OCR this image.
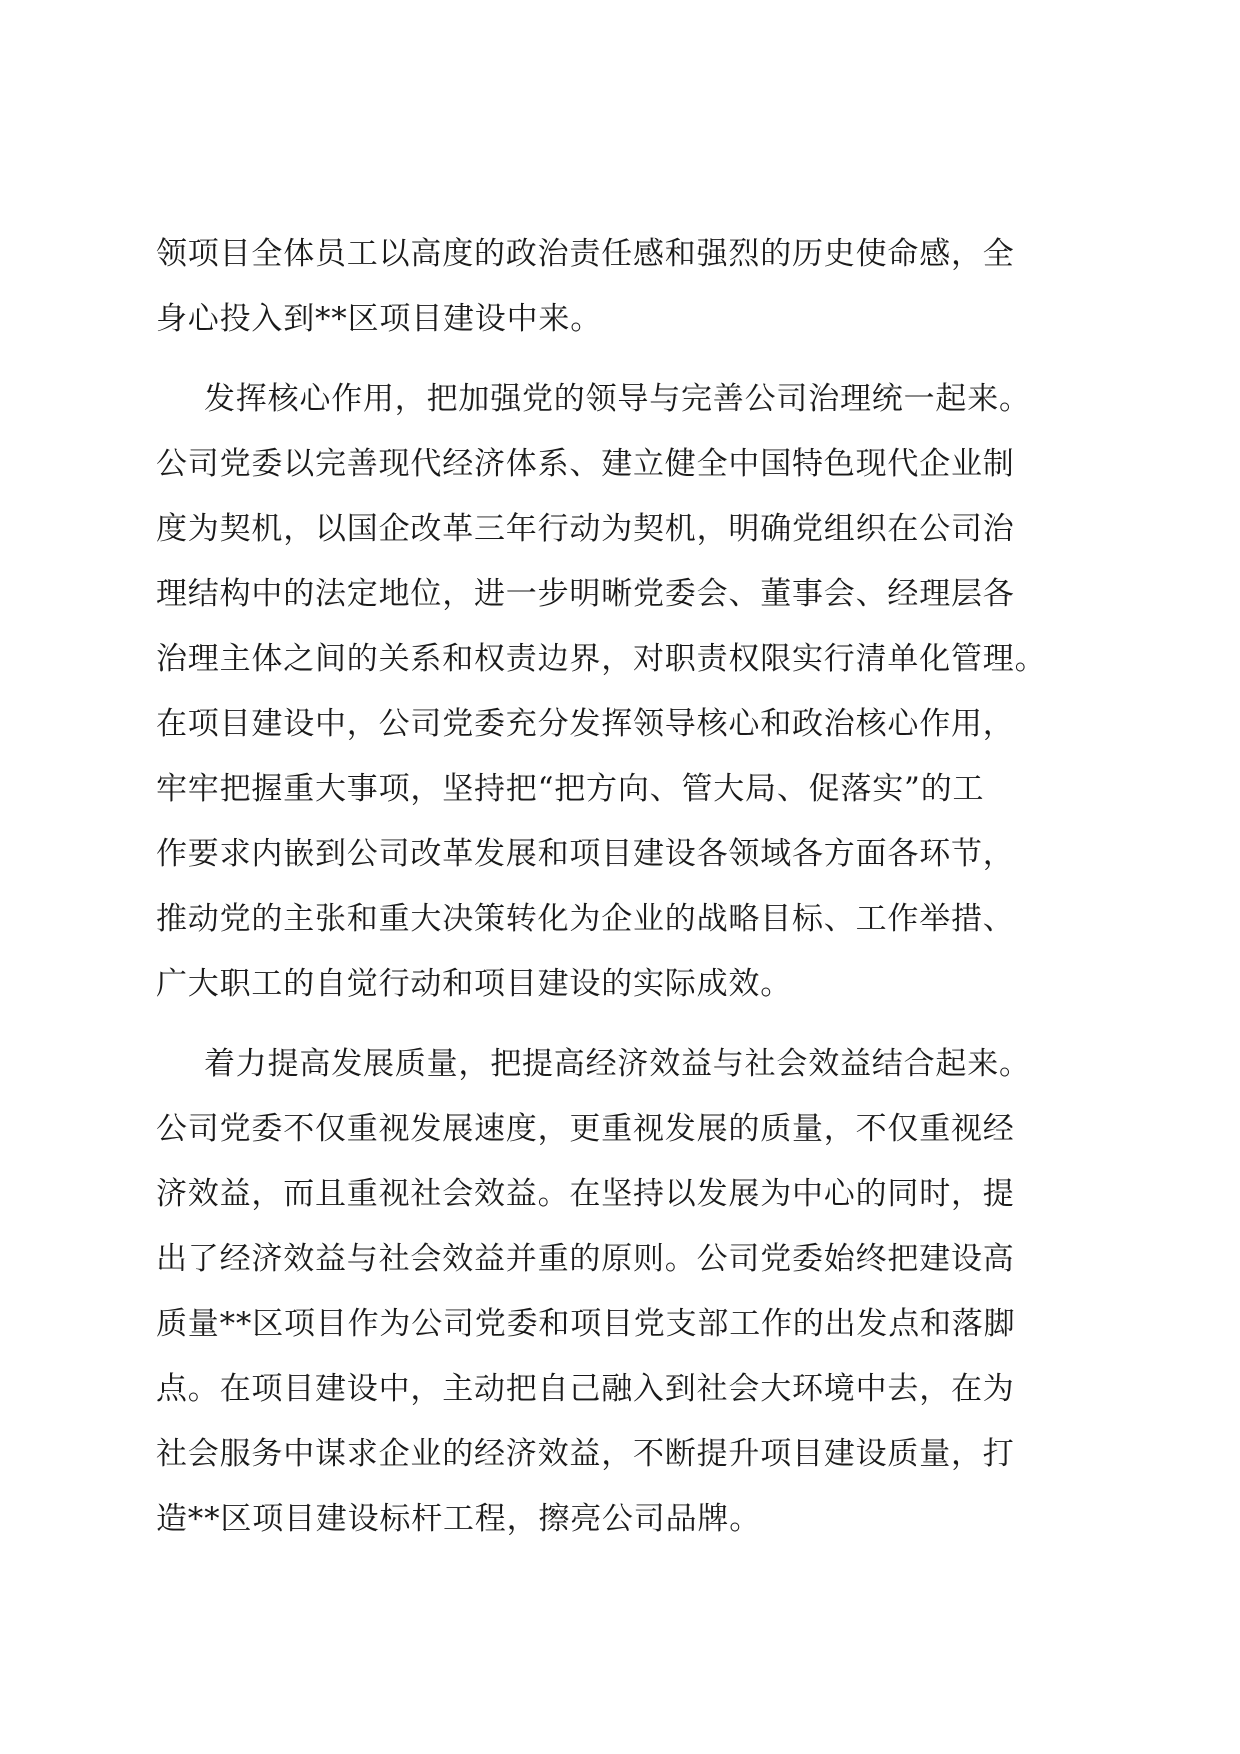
领项目全体员工以高度的政治责任感和强烈的历史使命感，全
身心投入到**区项目建设中来。
发挥核心作用，把加强党的领导与完善公司治理统一起来。
公司党委以完善现代经济体系、建立健全中国特色现代企业制
度为契机，以国企改革三年行动为契机，明确党组织在公司治
理结构中的法定地位，进一步明晰党委会、董事会、经理层各
治理主体之间的关系和权责边界，对职责权限实行清单化管理。
在项目建设中，公司党委充分发挥领导核心和政治核心作用，
牢牢把握重大事项，坚持把“把方向、管大局、促落实”的工
作要求内嵌到公司改革发展和项目建设各领域各方面各环节，
推动党的主张和重大决策转化为企业的战略目标、工作举措、
广大职工的自觉行动和项目建设的实际成效。
着力提高发展质量，把提高经济效益与社会效益结合起来。
公司党委不仅重视发展速度，更重视发展的质量，不仅重视经
济效益，而且重视社会效益。在坚持以发展为中心的同时，提
出了经济效益与社会效益并重的原则。公司党委始终把建设高
质量**区项目作为公司党委和项目党支部工作的出发点和落脚
点。在项目建设中，主动把自己融入到社会大环境中去，在为
社会服务中谋求企业的经济效益，不断提升项目建设质量，打
造**区项目建设标杆工程，擦亮公司品牌。
